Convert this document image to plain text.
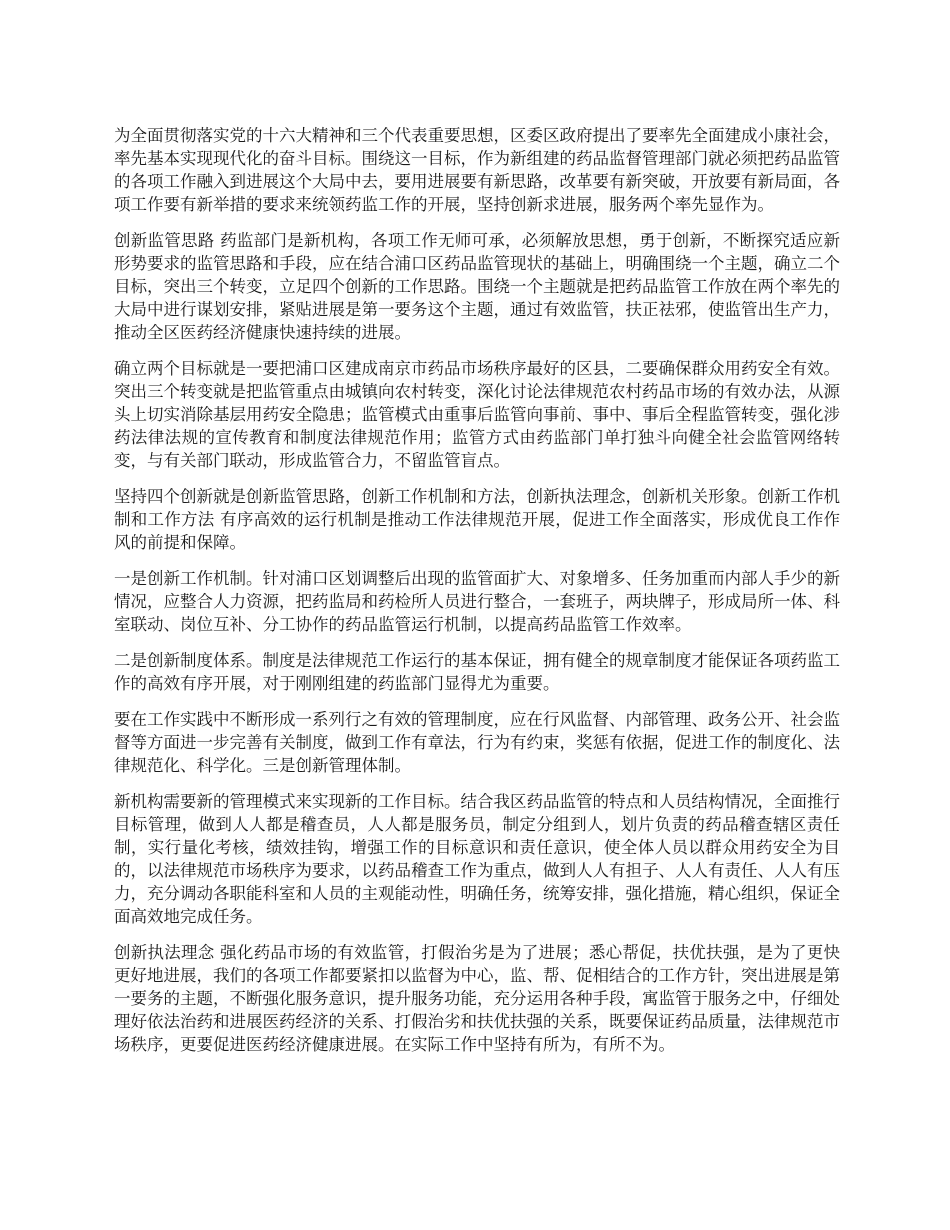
为全面贯彻落实党的十六大精神和三个代表重要思想，区委区政府提出了要率先全面建成小康社会，率先基本实现现代化的奋斗目标。围绕这一目标，作为新组建的药品监督管理部门就必须把药品监管的各项工作融入到进展这个大局中去，要用进展要有新思路，改革要有新突破，开放要有新局面，各项工作要有新举措的要求来统领药监工作的开展，坚持创新求进展，服务两个率先显作为。

创新监管思路 药监部门是新机构，各项工作无师可承，必须解放思想，勇于创新，不断探究适应新形势要求的监管思路和手段，应在结合浦口区药品监管现状的基础上，明确围绕一个主题，确立二个目标，突出三个转变，立足四个创新的工作思路。围绕一个主题就是把药品监管工作放在两个率先的大局中进行谋划安排，紧贴进展是第一要务这个主题，通过有效监管，扶正祛邪，使监管出生产力，推动全区医药经济健康快速持续的进展。

确立两个目标就是一要把浦口区建成南京市药品市场秩序最好的区县，二要确保群众用药安全有效。突出三个转变就是把监管重点由城镇向农村转变，深化讨论法律规范农村药品市场的有效办法，从源头上切实消除基层用药安全隐患；监管模式由重事后监管向事前、事中、事后全程监管转变，强化涉药法律法规的宣传教育和制度法律规范作用；监管方式由药监部门单打独斗向健全社会监管网络转变，与有关部门联动，形成监管合力，不留监管盲点。

坚持四个创新就是创新监管思路，创新工作机制和方法，创新执法理念，创新机关形象。创新工作机制和工作方法 有序高效的运行机制是推动工作法律规范开展，促进工作全面落实，形成优良工作作风的前提和保障。

一是创新工作机制。针对浦口区划调整后出现的监管面扩大、对象增多、任务加重而内部人手少的新情况，应整合人力资源，把药监局和药检所人员进行整合，一套班子，两块牌子，形成局所一体、科室联动、岗位互补、分工协作的药品监管运行机制，以提高药品监管工作效率。

二是创新制度体系。制度是法律规范工作运行的基本保证，拥有健全的规章制度才能保证各项药监工作的高效有序开展，对于刚刚组建的药监部门显得尤为重要。

要在工作实践中不断形成一系列行之有效的管理制度，应在行风监督、内部管理、政务公开、社会监督等方面进一步完善有关制度，做到工作有章法，行为有约束，奖惩有依据，促进工作的制度化、法律规范化、科学化。三是创新管理体制。

新机构需要新的管理模式来实现新的工作目标。结合我区药品监管的特点和人员结构情况，全面推行目标管理，做到人人都是稽查员，人人都是服务员，制定分组到人，划片负责的药品稽查辖区责任制，实行量化考核，绩效挂钩，增强工作的目标意识和责任意识，使全体人员以群众用药安全为目的，以法律规范市场秩序为要求，以药品稽查工作为重点，做到人人有担子、人人有责任、人人有压力，充分调动各职能科室和人员的主观能动性，明确任务，统筹安排，强化措施，精心组织，保证全面高效地完成任务。

创新执法理念 强化药品市场的有效监管，打假治劣是为了进展；悉心帮促，扶优扶强，是为了更快更好地进展，我们的各项工作都要紧扣以监督为中心，监、帮、促相结合的工作方针，突出进展是第一要务的主题，不断强化服务意识，提升服务功能，充分运用各种手段，寓监管于服务之中，仔细处理好依法治药和进展医药经济的关系、打假治劣和扶优扶强的关系，既要保证药品质量，法律规范市场秩序，更要促进医药经济健康进展。在实际工作中坚持有所为，有所不为。
